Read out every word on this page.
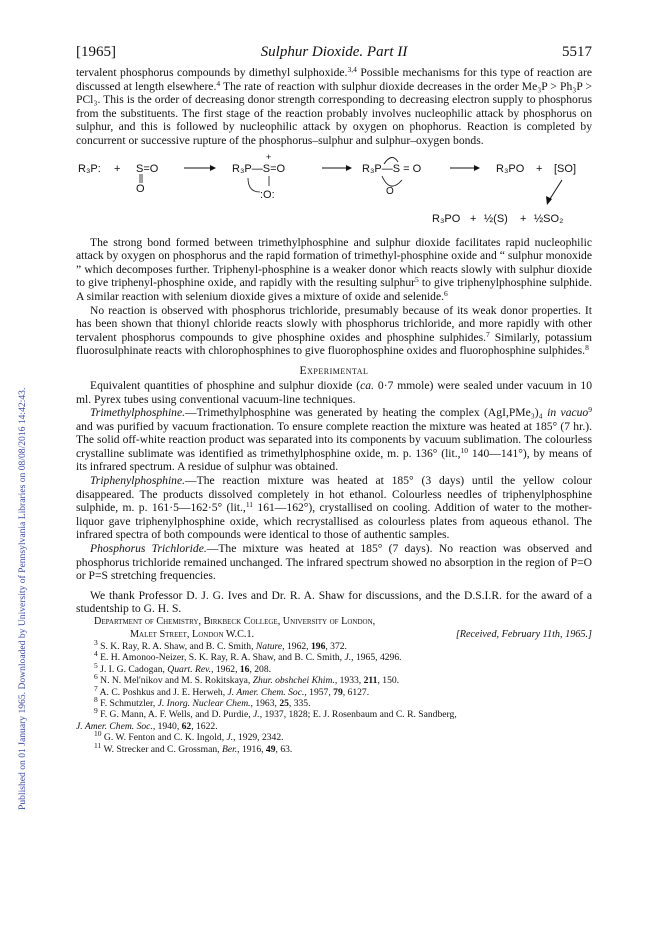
Published on 01 January 1965. Downloaded by University of Pennsylvania Libraries on 08/08/2016 14:42:43.
[1965]	Sulphur Dioxide. Part II	5517

tervalent phosphorus compounds by dimethyl sulphoxide.$^{3,4}$ Possible mechanisms for this type of reaction are discussed at length elsewhere.$^4$ The rate of reaction with sulphur dioxide decreases in the order Me₃P > Ph₃P > PCl₃. This is the order of decreasing donor strength corresponding to decreasing electron supply to phosphorus from the substituents. The first stage of the reaction probably involves nucleophilic attack by phosphorus on sulphur, and this is followed by nucleophilic attack by oxygen on phophorus. Reaction is completed by concurrent or successive rupture of the phosphorus–sulphur and sulphur–oxygen bonds.

R₃P: + S=O
O
R₃P—S=O
+
:O:
R₃P—S = O
O
R₃PO + [SO]
R₃PO + ½(S) + ½SO₂

The strong bond formed between trimethylphosphine and sulphur dioxide facilitates rapid nucleophilic attack by oxygen on phosphorus and the rapid formation of trimethyl-phosphine oxide and “ sulphur monoxide ” which decomposes further. Triphenyl-phosphine is a weaker donor which reacts slowly with sulphur dioxide to give triphenyl-phosphine oxide, and rapidly with the resulting sulphur$^5$ to give triphenylphosphine sulphide. A similar reaction with selenium dioxide gives a mixture of oxide and selenide.$^6$

No reaction is observed with phosphorus trichloride, presumably because of its weak donor properties. It has been shown that thionyl chloride reacts slowly with phosphorus trichloride, and more rapidly with other tervalent phosphorus compounds to give phosphine oxides and phosphine sulphides.$^7$ Similarly, potassium fluorosulphinate reacts with chlorophosphines to give fluorophosphine oxides and fluorophosphine sulphides.$^8$

Experimental

Equivalent quantities of phosphine and sulphur dioxide (ca. 0·7 mmole) were sealed under vacuum in 10 ml. Pyrex tubes using conventional vacuum-line techniques.

Trimethylphosphine.—Trimethylphosphine was generated by heating the complex (AgI,PMe₃)₄ in vacuo$^9$ and was purified by vacuum fractionation. To ensure complete reaction the mixture was heated at 185° (7 hr.). The solid off-white reaction product was separated into its components by vacuum sublimation. The colourless crystalline sublimate was identified as trimethylphosphine oxide, m. p. 136° (lit.,$^{10}$ 140—141°), by means of its infrared spectrum. A residue of sulphur was obtained.

Triphenylphosphine.—The reaction mixture was heated at 185° (3 days) until the yellow colour disappeared. The products dissolved completely in hot ethanol. Colourless needles of triphenylphosphine sulphide, m. p. 161·5—162·5° (lit.,$^{11}$ 161—162°), crystallised on cooling. Addition of water to the mother-liquor gave triphenylphosphine oxide, which recrystallised as colourless plates from aqueous ethanol. The infrared spectra of both compounds were identical to those of authentic samples.

Phosphorus Trichloride.—The mixture was heated at 185° (7 days). No reaction was observed and phosphorus trichloride remained unchanged. The infrared spectrum showed no absorption in the region of P=O or P=S stretching frequencies.

We thank Professor D. J. G. Ives and Dr. R. A. Shaw for discussions, and the D.S.I.R. for the award of a studentship to G. H. S.

Department of Chemistry, Birkbeck College, University of London,
Malet Street, London W.C.1.	[Received, February 11th, 1965.]
$^3$ S. K. Ray, R. A. Shaw, and B. C. Smith, Nature, 1962, 196, 372.
$^4$ E. H. Amonoo-Neizer, S. K. Ray, R. A. Shaw, and B. C. Smith, J., 1965, 4296.
$^5$ J. I. G. Cadogan, Quart. Rev., 1962, 16, 208.
$^6$ N. N. Mel'nikov and M. S. Rokitskaya, Zhur. obshchei Khim., 1933, 211, 150.
$^7$ A. C. Poshkus and J. E. Herweh, J. Amer. Chem. Soc., 1957, 79, 6127.
$^8$ F. Schmutzler, J. Inorg. Nuclear Chem., 1963, 25, 335.
$^9$ F. G. Mann, A. F. Wells, and D. Purdie, J., 1937, 1828; E. J. Rosenbaum and C. R. Sandberg,
J. Amer. Chem. Soc., 1940, 62, 1622.
$^{10}$ G. W. Fenton and C. K. Ingold, J., 1929, 2342.
$^{11}$ W. Strecker and C. Grossman, Ber., 1916, 49, 63.
